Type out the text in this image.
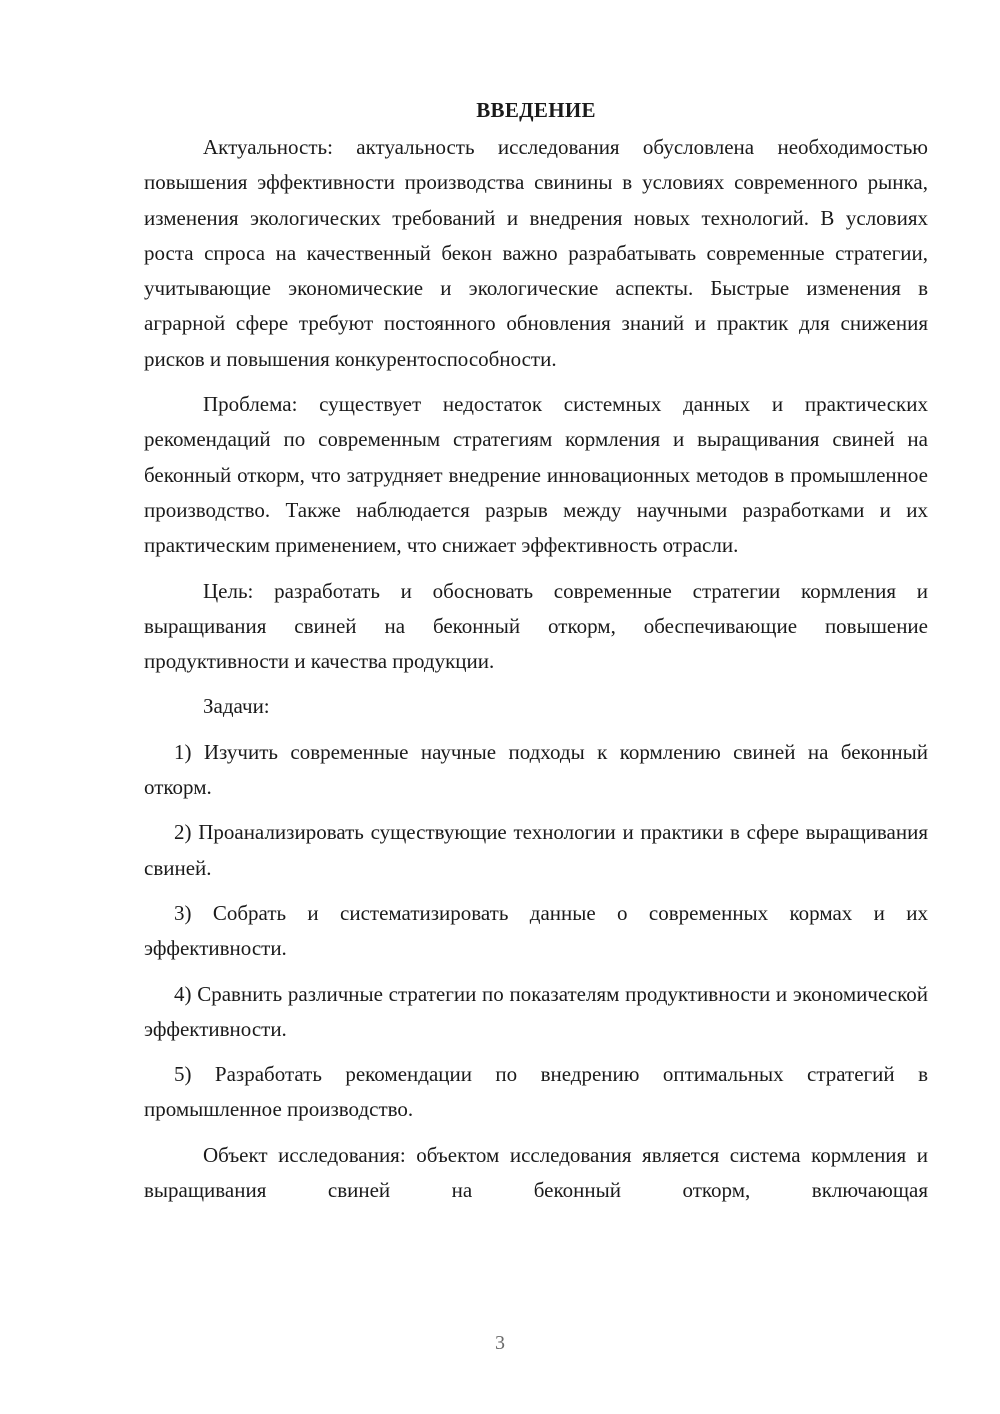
ВВЕДЕНИЕ

Актуальность: актуальность исследования обусловлена необходимостью повышения эффективности производства свинины в условиях современного рынка, изменения экологических требований и внедрения новых технологий. В условиях роста спроса на качественный бекон важно разрабатывать современные стратегии, учитывающие экономические и экологические аспекты. Быстрые изменения в аграрной сфере требуют постоянного обновления знаний и практик для снижения рисков и повышения конкурентоспособности.

Проблема: существует недостаток системных данных и практических рекомендаций по современным стратегиям кормления и выращивания свиней на беконный откорм, что затрудняет внедрение инновационных методов в промышленное производство. Также наблюдается разрыв между научными разработками и их практическим применением, что снижает эффективность отрасли.

Цель: разработать и обосновать современные стратегии кормления и выращивания свиней на беконный откорм, обеспечивающие повышение продуктивности и качества продукции.

Задачи:

1) Изучить современные научные подходы к кормлению свиней на беконный откорм.

2) Проанализировать существующие технологии и практики в сфере выращивания свиней.

3) Собрать и систематизировать данные о современных кормах и их эффективности.

4) Сравнить различные стратегии по показателям продуктивности и экономической эффективности.

5) Разработать рекомендации по внедрению оптимальных стратегий в промышленное производство.

Объект исследования: объектом исследования является система кормления и выращивания свиней на беконный откорм, включающая

3
